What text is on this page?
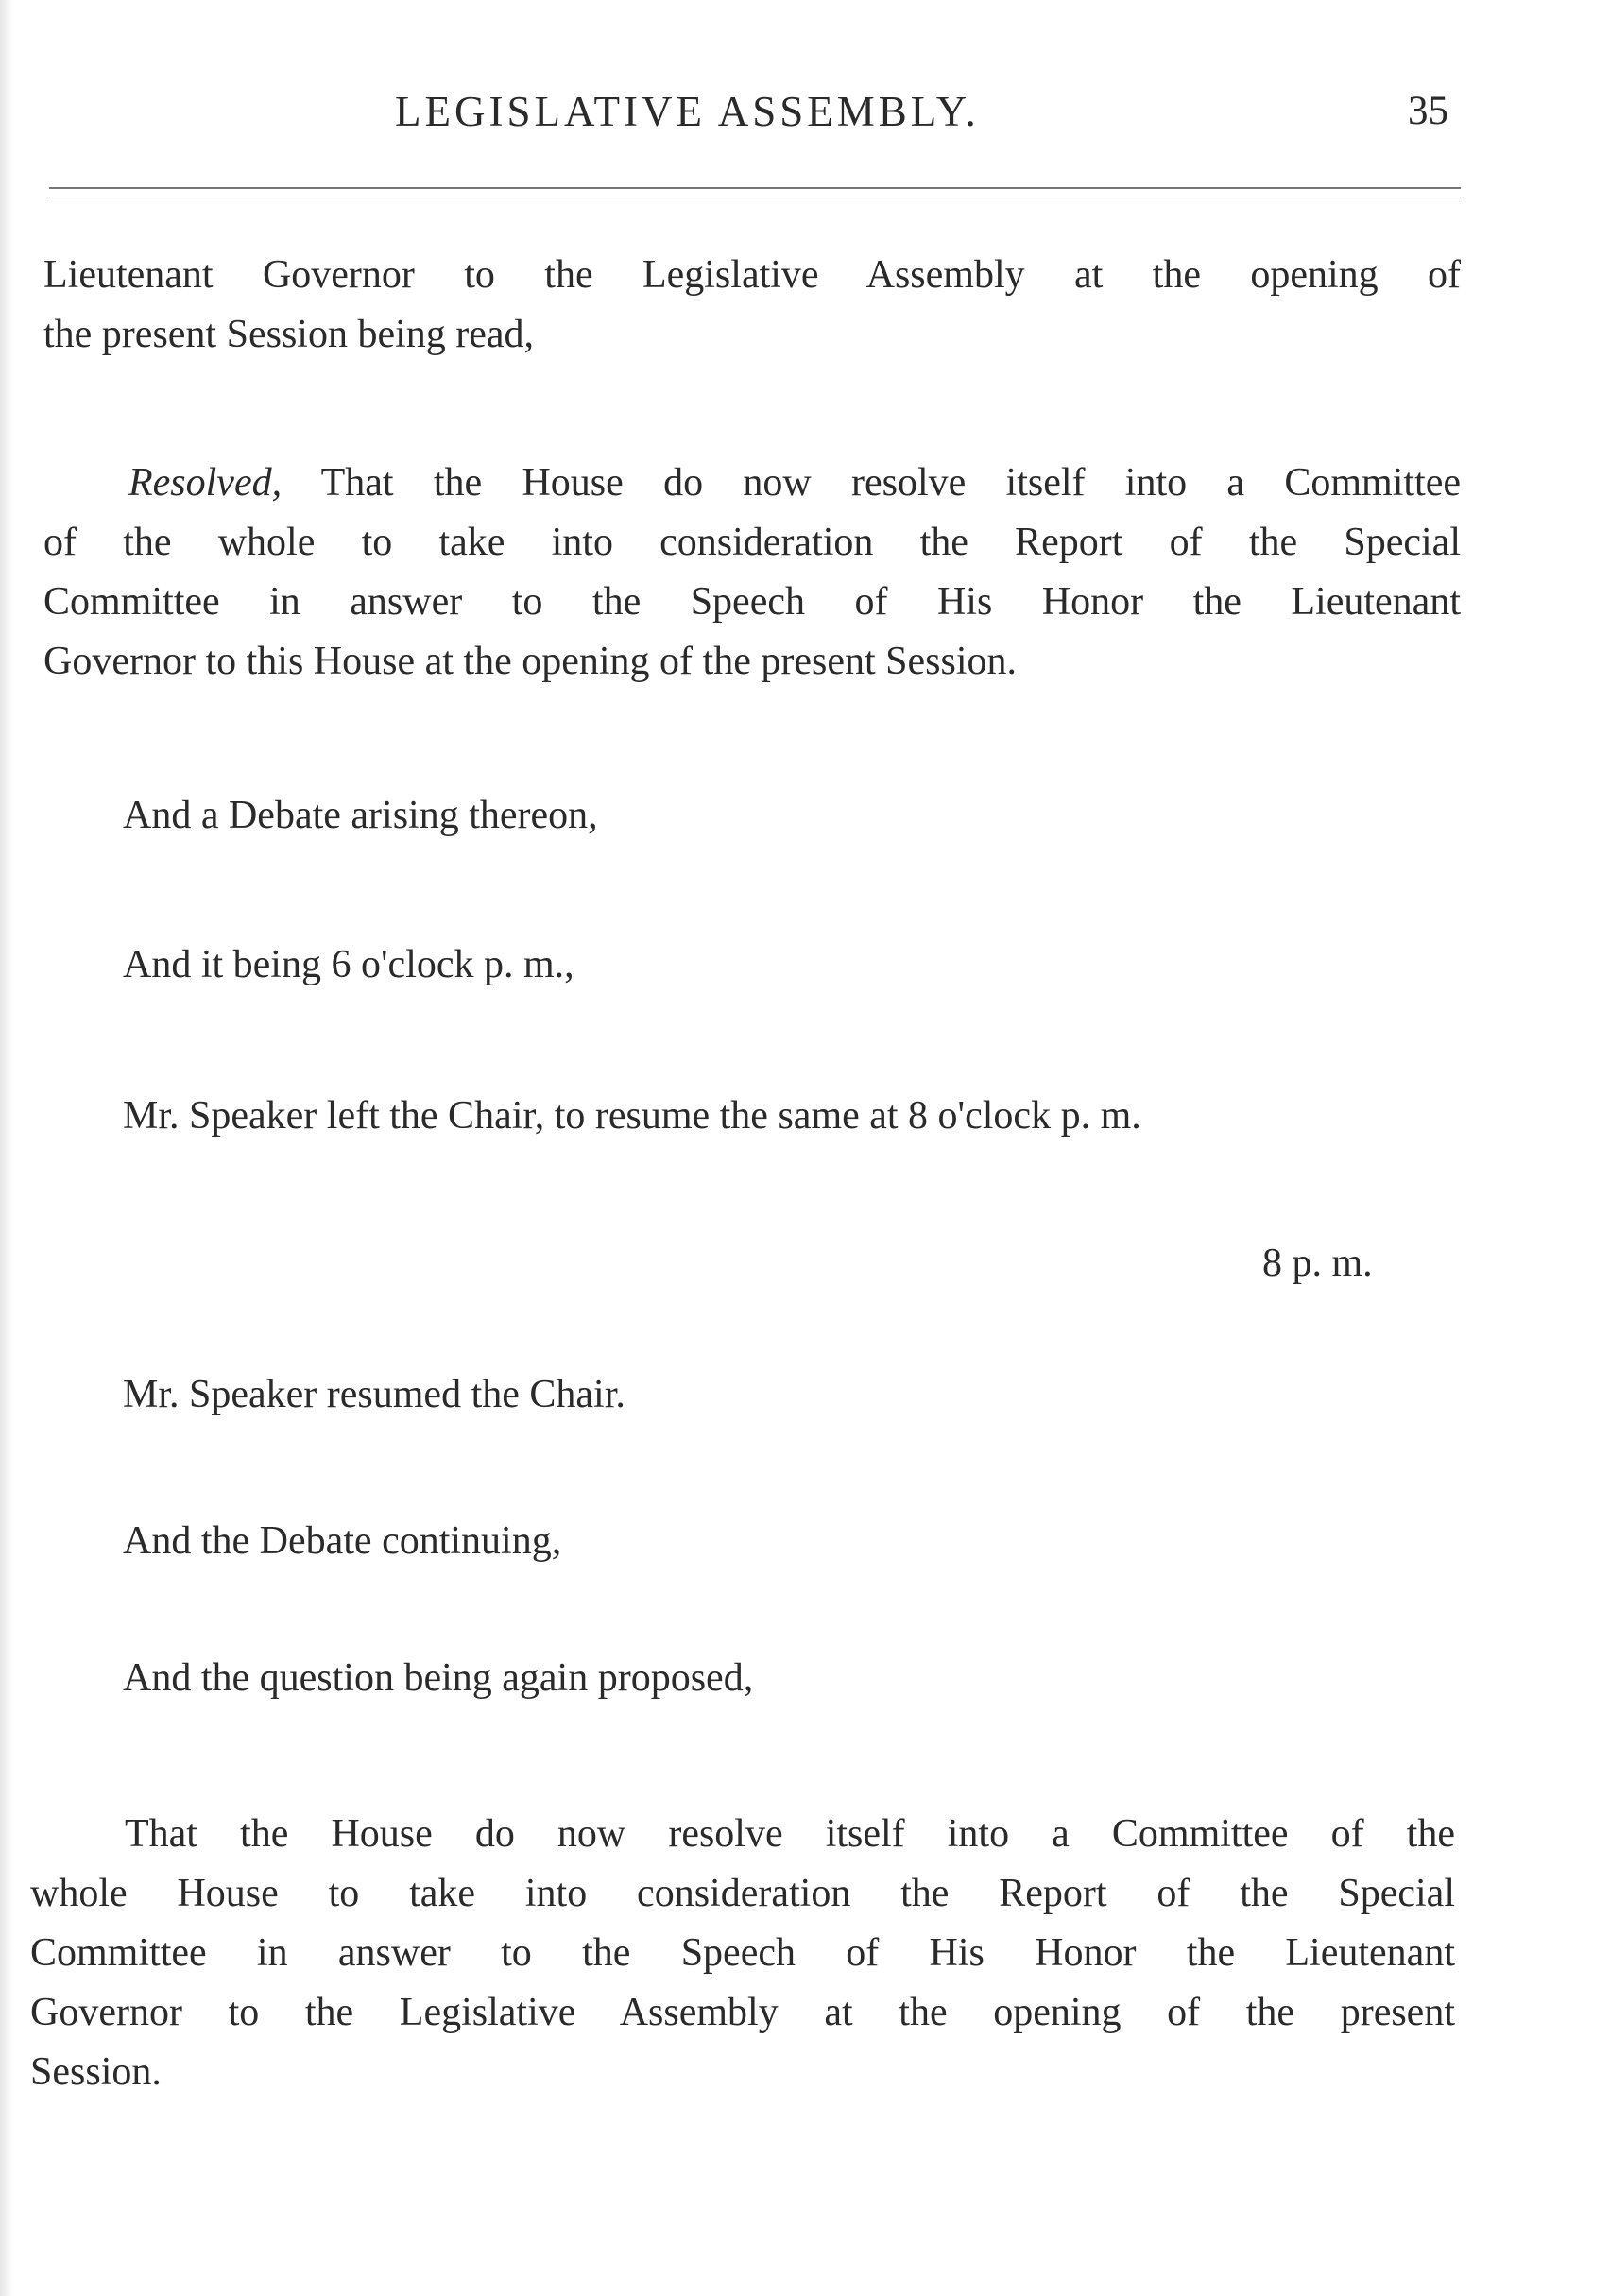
LEGISLATIVE ASSEMBLY.	35
Lieutenant Governor to the Legislative Assembly at the opening of
the present Session being read,
Resolved, That the House do now resolve itself into a Committee
of the whole to take into consideration the Report of the Special
Committee in answer to the Speech of His Honor the Lieutenant
Governor to this House at the opening of the present Session.
And a Debate arising thereon,
And it being 6 o'clock p. m.,
Mr. Speaker left the Chair, to resume the same at 8 o'clock p. m.
8 p. m.
Mr. Speaker resumed the Chair.
And the Debate continuing,
And the question being again proposed,
That the House do now resolve itself into a Committee of the
whole House to take into consideration the Report of the Special
Committee in answer to the Speech of His Honor the Lieutenant
Governor to the Legislative Assembly at the opening of the present
Session.
